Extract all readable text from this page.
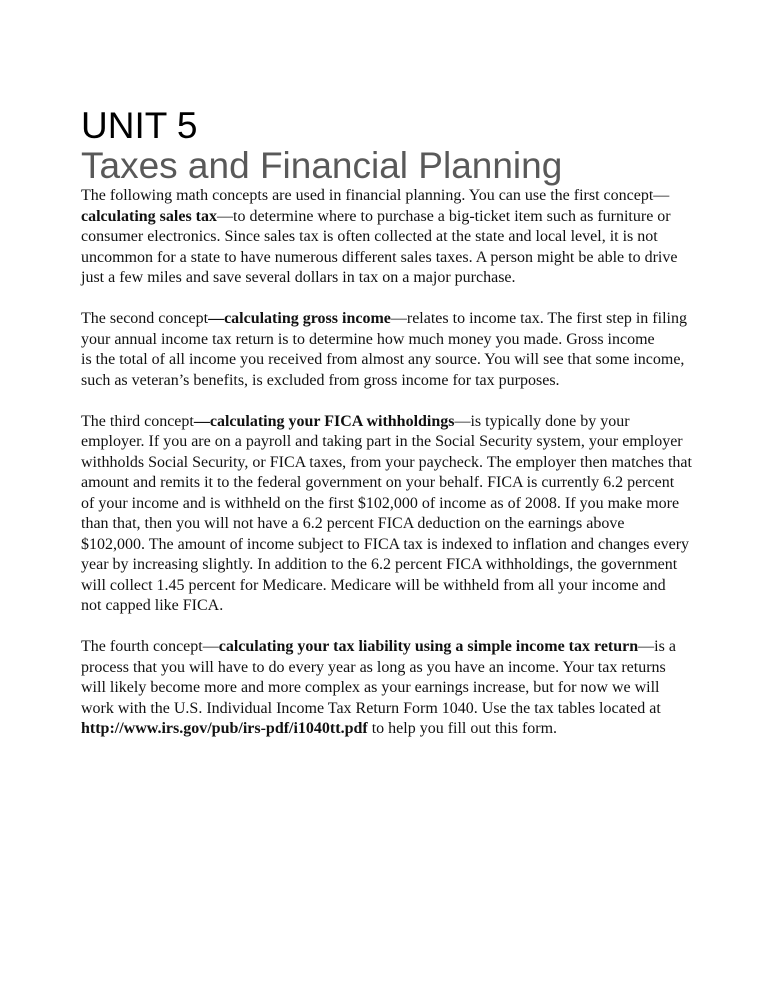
UNIT 5
Taxes and Financial Planning

The following math concepts are used in financial planning. You can use the first concept—
calculating sales tax—to determine where to purchase a big-ticket item such as furniture or
consumer electronics. Since sales tax is often collected at the state and local level, it is not
uncommon for a state to have numerous different sales taxes. A person might be able to drive
just a few miles and save several dollars in tax on a major purchase.

The second concept—calculating gross income—relates to income tax. The first step in filing
your annual income tax return is to determine how much money you made. Gross income
is the total of all income you received from almost any source. You will see that some income,
such as veteran’s benefits, is excluded from gross income for tax purposes.

The third concept—calculating your FICA withholdings—is typically done by your
employer. If you are on a payroll and taking part in the Social Security system, your employer
withholds Social Security, or FICA taxes, from your paycheck. The employer then matches that
amount and remits it to the federal government on your behalf. FICA is currently 6.2 percent
of your income and is withheld on the first $102,000 of income as of 2008. If you make more
than that, then you will not have a 6.2 percent FICA deduction on the earnings above
$102,000. The amount of income subject to FICA tax is indexed to inflation and changes every
year by increasing slightly. In addition to the 6.2 percent FICA withholdings, the government
will collect 1.45 percent for Medicare. Medicare will be withheld from all your income and
not capped like FICA.

The fourth concept—calculating your tax liability using a simple income tax return—is a
process that you will have to do every year as long as you have an income. Your tax returns
will likely become more and more complex as your earnings increase, but for now we will
work with the U.S. Individual Income Tax Return Form 1040. Use the tax tables located at
http://www.irs.gov/pub/irs-pdf/i1040tt.pdf to help you fill out this form.
